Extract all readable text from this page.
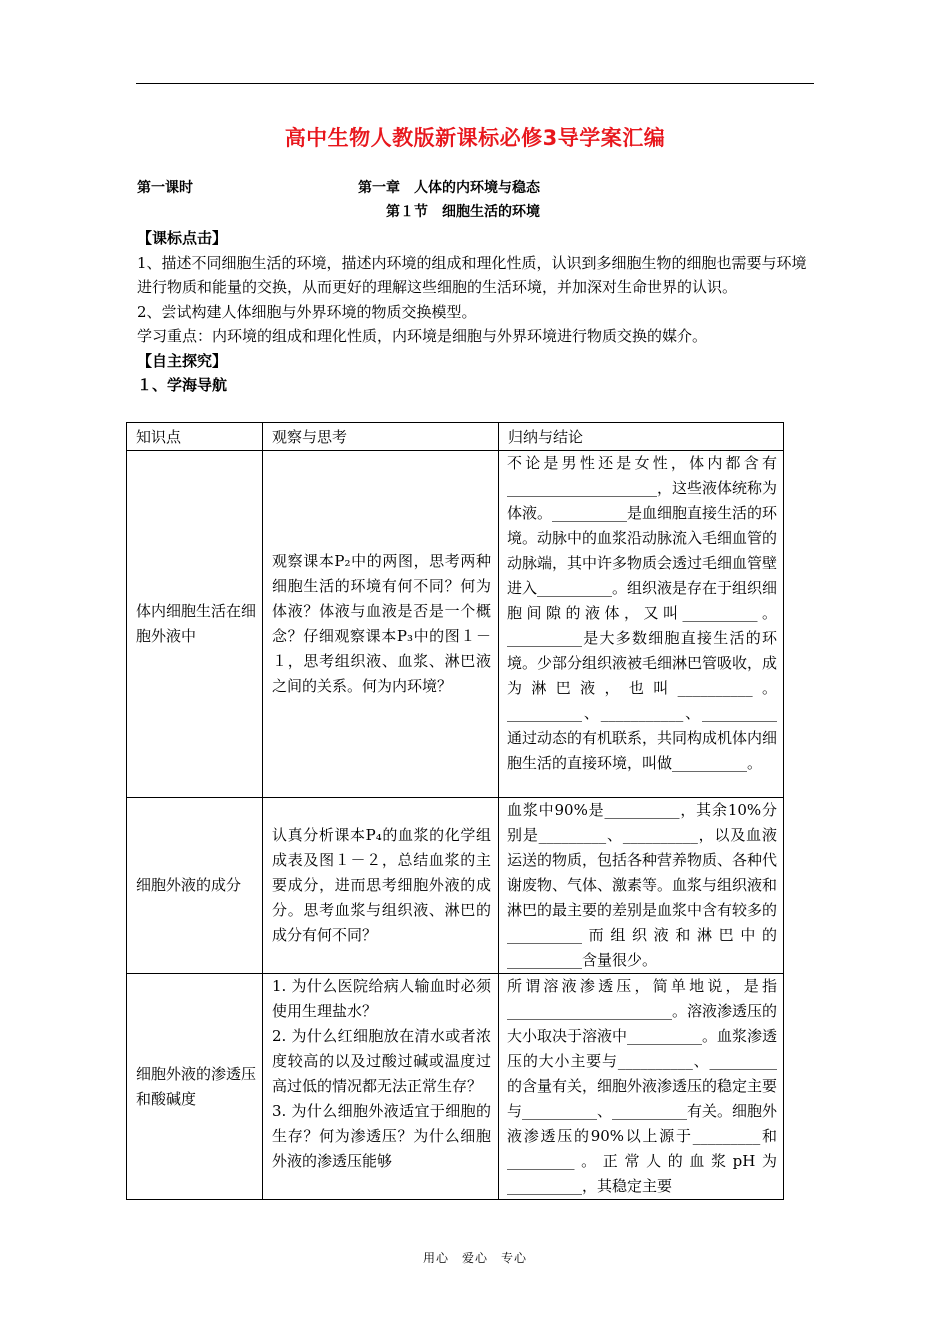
高中生物人教版新课标必修3导学案汇编
第一课时	第一章　人体的内环境与稳态
第１节　细胞生活的环境

【课标点击】

1、描述不同细胞生活的环境，描述内环境的组成和理化性质，认识到多细胞生物的细胞也需要与环境进行物质和能量的交换，从而更好的理解这些细胞的生活环境，并加深对生命世界的认识。

2、尝试构建人体细胞与外界环境的物质交换模型。

学习重点：内环境的组成和理化性质，内环境是细胞与外界环境进行物质交换的媒介。

【自主探究】

１、学海导航

知识点	观察与思考	归纳与结论

体内细胞生活在细胞外液中	观察课本P₂中的两图，思考两种细胞生活的环境有何不同？何为体液？体液与血液是否是一个概念？仔细观察课本P₃中的图１－１，思考组织液、血浆、淋巴液之间的关系。何为内环境？	不论是男性还是女性，体内都含有____________________，这些液体统称为体液。__________是血细胞直接生活的环境。动脉中的血浆沿动脉流入毛细血管的动脉端，其中许多物质会透过毛细血管壁进入__________。组织液是存在于组织细胞间隙的液体，又叫__________。__________是大多数细胞直接生活的环境。少部分组织液被毛细淋巴管吸收，成为淋巴液，也叫__________。__________、___________、__________通过动态的有机联系，共同构成机体内细胞生活的直接环境，叫做__________。

细胞外液的成分	认真分析课本P₄的血浆的化学组成表及图１－２，总结血浆的主要成分，进而思考细胞外液的成分。思考血浆与组织液、淋巴的成分有何不同？	血浆中90%是__________，其余10%分别是_________、__________，以及血液运送的物质，包括各种营养物质、各种代谢废物、气体、激素等。血浆与组织液和淋巴的最主要的差别是血浆中含有较多的__________而组织液和淋巴中的__________含量很少。

细胞外液的渗透压和酸碱度	1. 为什么医院给病人输血时必须使用生理盐水？
2. 为什么红细胞放在清水或者浓度较高的以及过酸过碱或温度过高过低的情况都无法正常生存？
3. 为什么细胞外液适宜于细胞的生存？何为渗透压？为什么细胞外液的渗透压能够	所谓溶液渗透压，简单地说，是指______________________。溶液渗透压的大小取决于溶液中__________。血浆渗透压的大小主要与__________、_________的含量有关，细胞外液渗透压的稳定主要与__________、__________有关。细胞外液渗透压的90%以上源于_________和_________。正常人的血浆pH为__________，其稳定主要
用心　爱心　专心
